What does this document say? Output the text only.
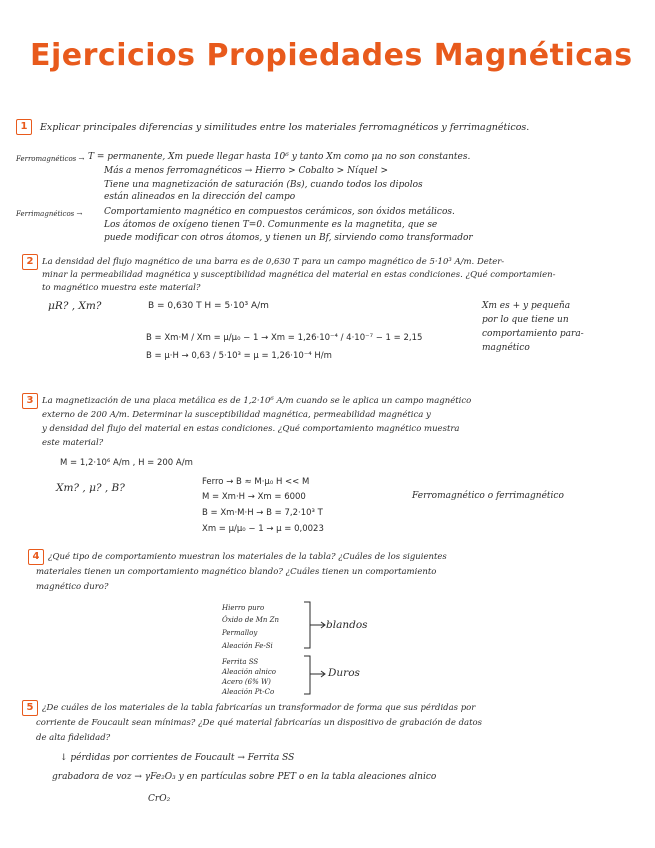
Ejercicios Propiedades Magnéticas
1	Explicar principales diferencias y similitudes entre los materiales ferromagnéticos y ferrimagnéticos.
Ferromagnéticos → T = permanente, Xm puede llegar hasta 10⁶ y tanto Xm como μa no son constantes.
Más a menos ferromagnéticos → Hierro > Cobalto > Níquel >
Tiene una magnetización de saturación (Bs), cuando todos los dipolos
están alineados en la dirección del campo
Ferrimagnéticos → Comportamiento magnético en compuestos cerámicos, son óxidos metálicos.
Los átomos de oxígeno tienen T=0. Comunmente es la magnetita, que se
puede modificar con otros átomos, y tienen un Bf, sirviendo como transformador
2	La densidad del flujo magnético de una barra es de 0,630 T para un campo magnético de 5·10³ A/m. Deter-
minar la permeabilidad magnética y susceptibilidad magnética del material en estas condiciones. ¿Qué comportamien-
to magnético muestra este material?
μR? , Xm?	B = 0,630 T H = 5·10³ A/m
B = Xm·M / Xm = μ/μ₀ − 1 → Xm = 1,26·10⁻⁴ / 4·10⁻⁷ − 1 = 2,15
B = μ·H → 0,63 / 5·10³ = μ = 1,26·10⁻⁴ H/m
Xm es + y pequeña
por lo que tiene un
comportamiento para-
magnético
3	La magnetización de una placa metálica es de 1,2·10⁶ A/m cuando se le aplica un campo magnético
externo de 200 A/m. Determinar la susceptibilidad magnética, permeabilidad magnética y
y densidad del flujo del material en estas condiciones. ¿Qué comportamiento magnético muestra
este material?
M = 1,2·10⁶ A/m , H = 200 A/m
Xm? , μ? , B?	Ferro → B ≈ M·μ₀ H << M
M = Xm·H → Xm = 6000
B = Xm·M·H → B = 7,2·10³ T
Xm = μ/μ₀ − 1 → μ = 0,0023
Ferromagnético o ferrimagnético
4	¿Qué tipo de comportamiento muestran los materiales de la tabla? ¿Cuáles de los siguientes
materiales tienen un comportamiento magnético blando? ¿Cuáles tienen un comportamiento
magnético duro?
Hierro puro
Óxido de Mn Zn
Permalloy
Aleación Fe-Si
blandos
Ferrita SS
Aleación alnico
Acero (6% W)
Aleación Pt-Co
Duros
5	¿De cuáles de los materiales de la tabla fabricarías un transformador de forma que sus pérdidas por
corriente de Foucault sean mínimas? ¿De qué material fabricarías un dispositivo de grabación de datos
de alta fidelidad?
↓ pérdidas por corrientes de Foucault → Ferrita SS
grabadora de voz → γFe₂O₃ y en partículas sobre PET o en la tabla aleaciones alnico
CrO₂
